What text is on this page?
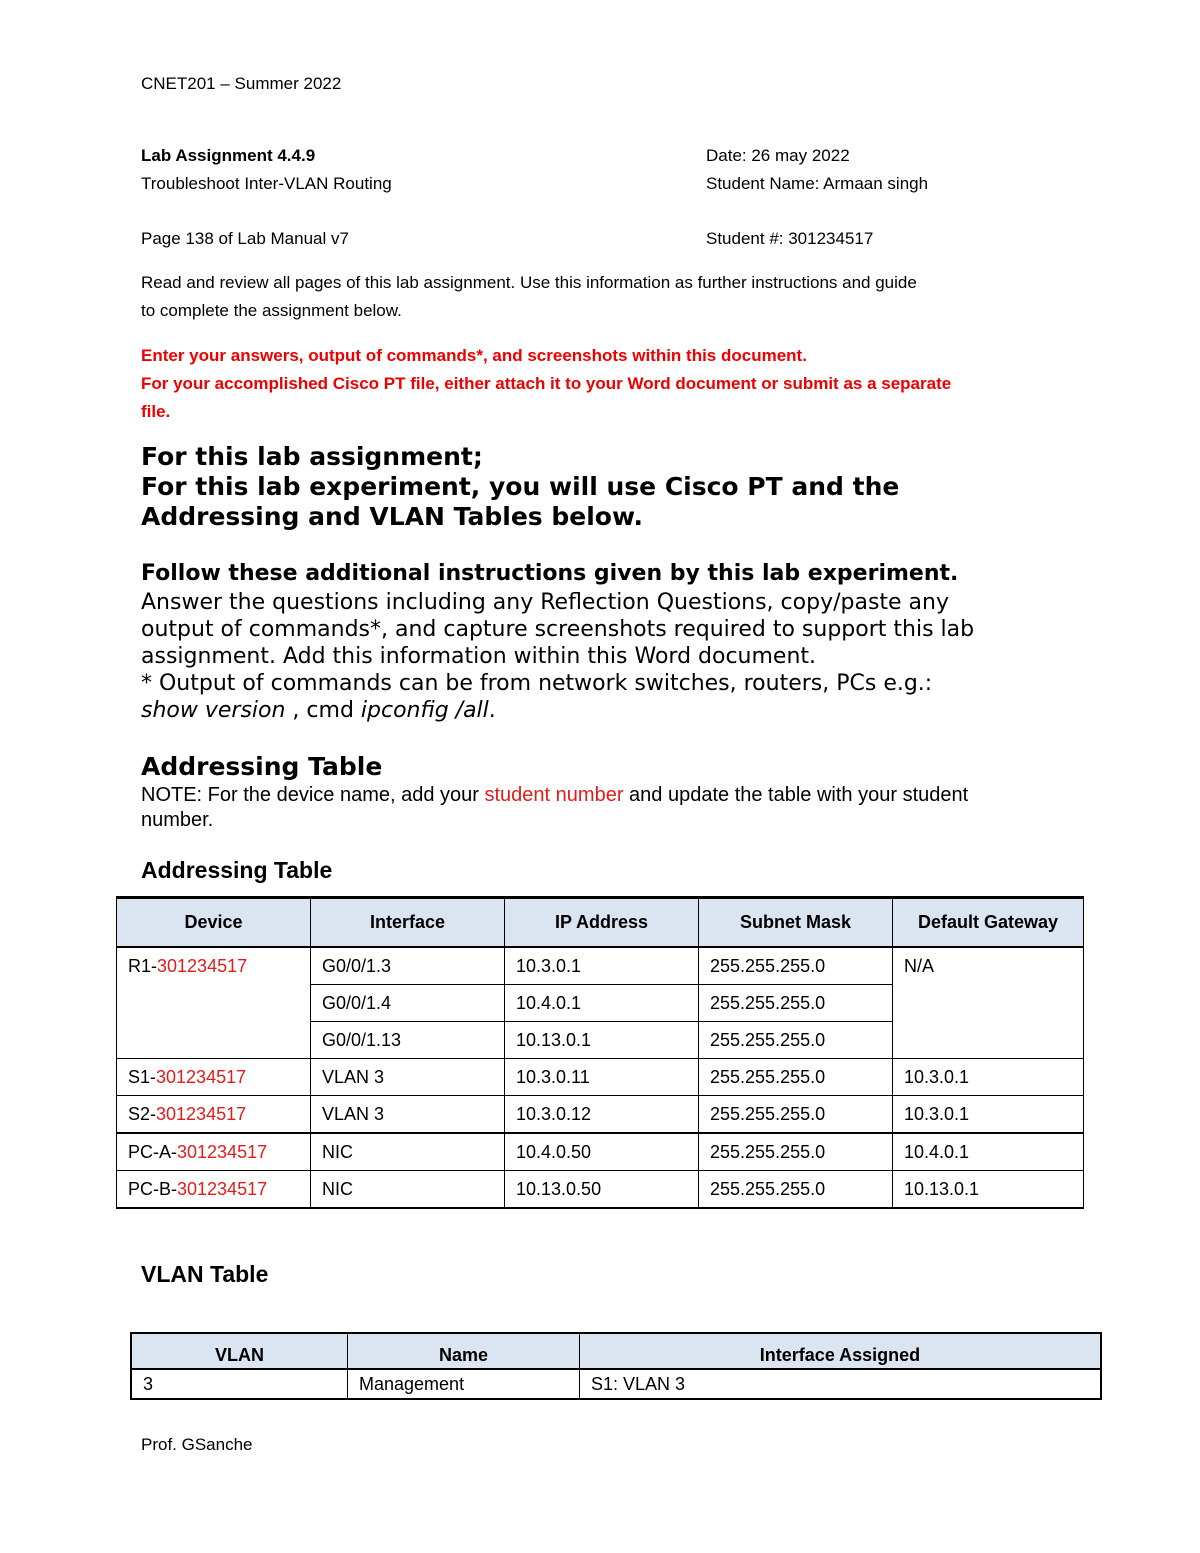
CNET201 – Summer 2022
Lab Assignment 4.4.9
Troubleshoot Inter-VLAN Routing
Page 138 of Lab Manual v7
Date: 26 may 2022
Student Name: Armaan singh
Student #: 301234517
Read and review all pages of this lab assignment. Use this information as further instructions and guide
to complete the assignment below.
Enter your answers, output of commands*, and screenshots within this document.
For your accomplished Cisco PT file, either attach it to your Word document or submit as a separate
file.
For this lab assignment;
For this lab experiment, you will use Cisco PT and the
Addressing and VLAN Tables below.
Follow these additional instructions given by this lab experiment.
Answer the questions including any Reflection Questions, copy/paste any
output of commands*, and capture screenshots required to support this lab
assignment. Add this information within this Word document.
* Output of commands can be from network switches, routers, PCs e.g.:
show version , cmd ipconfig /all.
Addressing Table
NOTE: For the device name, add your student number and update the table with your student
number.
Addressing Table
Device	Interface	IP Address	Subnet Mask	Default Gateway
R1-301234517	G0/0/1.3	10.3.0.1	255.255.255.0	N/A
	G0/0/1.4	10.4.0.1	255.255.255.0	
	G0/0/1.13	10.13.0.1	255.255.255.0	
S1-301234517	VLAN 3	10.3.0.11	255.255.255.0	10.3.0.1
S2-301234517	VLAN 3	10.3.0.12	255.255.255.0	10.3.0.1
PC-A-301234517	NIC	10.4.0.50	255.255.255.0	10.4.0.1
PC-B-301234517	NIC	10.13.0.50	255.255.255.0	10.13.0.1
VLAN Table
VLAN	Name	Interface Assigned
3	Management	S1: VLAN 3
Prof. GSanche
